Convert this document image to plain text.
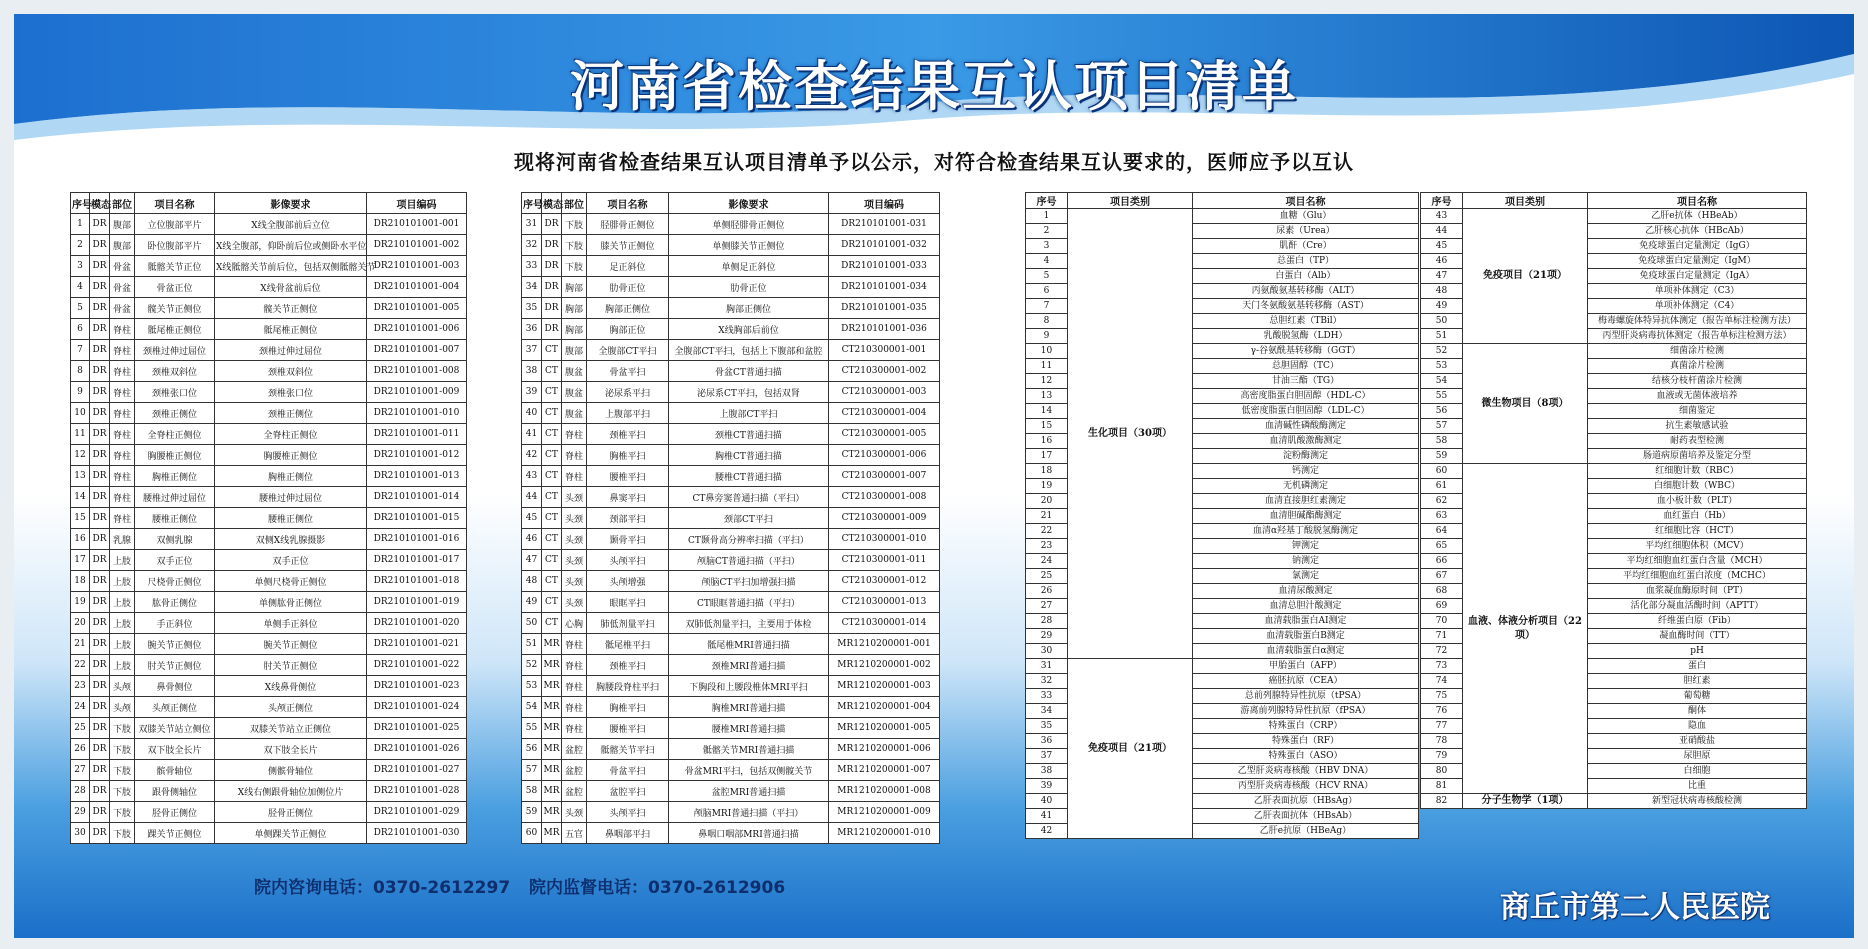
河南省检查结果互认项目清单
现将河南省检查结果互认项目清单予以公示，对符合检查结果互认要求的，医师应予以互认
序号	模态	部位	项目名称	影像要求	项目编码
1	DR	腹部	立位腹部平片	X线全腹部前后立位	DR210101001-001
2	DR	腹部	卧位腹部平片	X线全腹部，仰卧前后位或侧卧水平位	DR210101001-002
3	DR	骨盆	骶髂关节正位	X线骶髂关节前后位，包括双侧骶髂关节	DR210101001-003
4	DR	骨盆	骨盆正位	X线骨盆前后位	DR210101001-004
5	DR	骨盆	髋关节正侧位	髋关节正侧位	DR210101001-005
6	DR	脊柱	骶尾椎正侧位	骶尾椎正侧位	DR210101001-006
7	DR	脊柱	颈椎过伸过屈位	颈椎过伸过屈位	DR210101001-007
8	DR	脊柱	颈椎双斜位	颈椎双斜位	DR210101001-008
9	DR	脊柱	颈椎张口位	颈椎张口位	DR210101001-009
10	DR	脊柱	颈椎正侧位	颈椎正侧位	DR210101001-010
11	DR	脊柱	全脊柱正侧位	全脊柱正侧位	DR210101001-011
12	DR	脊柱	胸腰椎正侧位	胸腰椎正侧位	DR210101001-012
13	DR	脊柱	胸椎正侧位	胸椎正侧位	DR210101001-013
14	DR	脊柱	腰椎过伸过屈位	腰椎过伸过屈位	DR210101001-014
15	DR	脊柱	腰椎正侧位	腰椎正侧位	DR210101001-015
16	DR	乳腺	双侧乳腺	双侧X线乳腺摄影	DR210101001-016
17	DR	上肢	双手正位	双手正位	DR210101001-017
18	DR	上肢	尺桡骨正侧位	单侧尺桡骨正侧位	DR210101001-018
19	DR	上肢	肱骨正侧位	单侧肱骨正侧位	DR210101001-019
20	DR	上肢	手正斜位	单侧手正斜位	DR210101001-020
21	DR	上肢	腕关节正侧位	腕关节正侧位	DR210101001-021
22	DR	上肢	肘关节正侧位	肘关节正侧位	DR210101001-022
23	DR	头颅	鼻骨侧位	X线鼻骨侧位	DR210101001-023
24	DR	头颅	头颅正侧位	头颅正侧位	DR210101001-024
25	DR	下肢	双膝关节站立侧位	双膝关节站立正侧位	DR210101001-025
26	DR	下肢	双下肢全长片	双下肢全长片	DR210101001-026
27	DR	下肢	髌骨轴位	侧髌骨轴位	DR210101001-027
28	DR	下肢	跟骨侧轴位	X线右侧跟骨轴位加侧位片	DR210101001-028
29	DR	下肢	胫骨正侧位	胫骨正侧位	DR210101001-029
30	DR	下肢	踝关节正侧位	单侧踝关节正侧位	DR210101001-030
序号	模态	部位	项目名称	影像要求	项目编码
31	DR	下肢	胫腓骨正侧位	单侧胫腓骨正侧位	DR210101001-031
32	DR	下肢	膝关节正侧位	单侧膝关节正侧位	DR210101001-032
33	DR	下肢	足正斜位	单侧足正斜位	DR210101001-033
34	DR	胸部	肋骨正位	肋骨正位	DR210101001-034
35	DR	胸部	胸部正侧位	胸部正侧位	DR210101001-035
36	DR	胸部	胸部正位	X线胸部后前位	DR210101001-036
37	CT	腹部	全腹部CT平扫	全腹部CT平扫，包括上下腹部和盆腔	CT210300001-001
38	CT	腹盆	骨盆平扫	骨盆CT普通扫描	CT210300001-002
39	CT	腹盆	泌尿系平扫	泌尿系CT平扫，包括双肾	CT210300001-003
40	CT	腹盆	上腹部平扫	上腹部CT平扫	CT210300001-004
41	CT	脊柱	颈椎平扫	颈椎CT普通扫描	CT210300001-005
42	CT	脊柱	胸椎平扫	胸椎CT普通扫描	CT210300001-006
43	CT	脊柱	腰椎平扫	腰椎CT普通扫描	CT210300001-007
44	CT	头颈	鼻窦平扫	CT鼻旁窦普通扫描（平扫）	CT210300001-008
45	CT	头颈	颈部平扫	颈部CT平扫	CT210300001-009
46	CT	头颈	颞骨平扫	CT颞骨高分辨率扫描（平扫）	CT210300001-010
47	CT	头颈	头颅平扫	颅脑CT普通扫描（平扫）	CT210300001-011
48	CT	头颈	头颅增强	颅脑CT平扫加增强扫描	CT210300001-012
49	CT	头颈	眼眶平扫	CT眼眶普通扫描（平扫）	CT210300001-013
50	CT	心胸	肺低剂量平扫	双肺低剂量平扫，主要用于体检	CT210300001-014
51	MR	脊柱	骶尾椎平扫	骶尾椎MRI普通扫描	MR1210200001-001
52	MR	脊柱	颈椎平扫	颈椎MRI普通扫描	MR1210200001-002
53	MR	脊柱	胸腰段脊柱平扫	下胸段和上腰段椎体MRI平扫	MR1210200001-003
54	MR	脊柱	胸椎平扫	胸椎MRI普通扫描	MR1210200001-004
55	MR	脊柱	腰椎平扫	腰椎MRI普通扫描	MR1210200001-005
56	MR	盆腔	骶髂关节平扫	骶髂关节MRI普通扫描	MR1210200001-006
57	MR	盆腔	骨盆平扫	骨盆MRI平扫，包括双侧髋关节	MR1210200001-007
58	MR	盆腔	盆腔平扫	盆腔MRI普通扫描	MR1210200001-008
59	MR	头颈	头颅平扫	颅脑MRI普通扫描（平扫）	MR1210200001-009
60	MR	五官	鼻咽部平扫	鼻咽口咽部MRI普通扫描	MR1210200001-010
序号	项目类别	项目名称
1	生化项目（30项）	血糖（Glu）
2		尿素（Urea）
3		肌酐（Cre）
4		总蛋白（TP）
5		白蛋白（Alb）
6		丙氨酸氨基转移酶（ALT）
7		天门冬氨酸氨基转移酶（AST）
8		总胆红素（TBil）
9		乳酸脱氢酶（LDH）
10		γ-谷氨酰基转移酶（GGT）
11		总胆固醇（TC）
12		甘油三酯（TG）
13		高密度脂蛋白胆固醇（HDL-C）
14		低密度脂蛋白胆固醇（LDL-C）
15		血清碱性磷酸酶测定
16		血清肌酸激酶测定
17		淀粉酶测定
18		钙测定
19		无机磷测定
20		血清直接胆红素测定
21		血清胆碱酯酶测定
22		血清α羟基丁酸脱氢酶测定
23		钾测定
24		钠测定
25		氯测定
26		血清尿酸测定
27		血清总胆汁酸测定
28		血清载脂蛋白AⅠ测定
29		血清载脂蛋白B测定
30		血清载脂蛋白α测定
31	免疫项目（21项）	甲胎蛋白（AFP）
32		癌胚抗原（CEA）
33		总前列腺特异性抗原（tPSA）
34		游离前列腺特异性抗原（fPSA）
35		特殊蛋白（CRP）
36		特殊蛋白（RF）
37		特殊蛋白（ASO）
38		乙型肝炎病毒核酸（HBV DNA）
39		丙型肝炎病毒核酸（HCV RNA）
40		乙肝表面抗原（HBsAg）
41		乙肝表面抗体（HBsAb）
42		乙肝e抗原（HBeAg）
序号	项目类别	项目名称
43	免疫项目（21项）	乙肝e抗体（HBeAb）
44		乙肝核心抗体（HBcAb）
45		免疫球蛋白定量测定（IgG）
46		免疫球蛋白定量测定（IgM）
47		免疫球蛋白定量测定（IgA）
48		单项补体测定（C3）
49		单项补体测定（C4）
50		梅毒螺旋体特异抗体测定（报告单标注检测方法）
51		丙型肝炎病毒抗体测定（报告单标注检测方法）
52	微生物项目（8项）	细菌涂片检测
53		真菌涂片检测
54		结核分枝杆菌涂片检测
55		血液或无菌体液培养
56		细菌鉴定
57		抗生素敏感试验
58		耐药表型检测
59		肠道病原菌培养及鉴定分型
60	血液、体液分析项目（22项）	红细胞计数（RBC）
61		白细胞计数（WBC）
62		血小板计数（PLT）
63		血红蛋白（Hb）
64		红细胞比容（HCT）
65		平均红细胞体积（MCV）
66		平均红细胞血红蛋白含量（MCH）
67		平均红细胞血红蛋白浓度（MCHC）
68		血浆凝血酶原时间（PT）
69		活化部分凝血活酶时间（APTT）
70		纤维蛋白原（Fib）
71		凝血酶时间（TT）
72		pH
73		蛋白
74		胆红素
75		葡萄糖
76		酮体
77		隐血
78		亚硝酸盐
79		尿胆原
80		白细胞
81		比重
82	分子生物学（1项）	新型冠状病毒核酸检测
院内咨询电话：0370-2612297 院内监督电话：0370-2612906
商丘市第二人民医院
